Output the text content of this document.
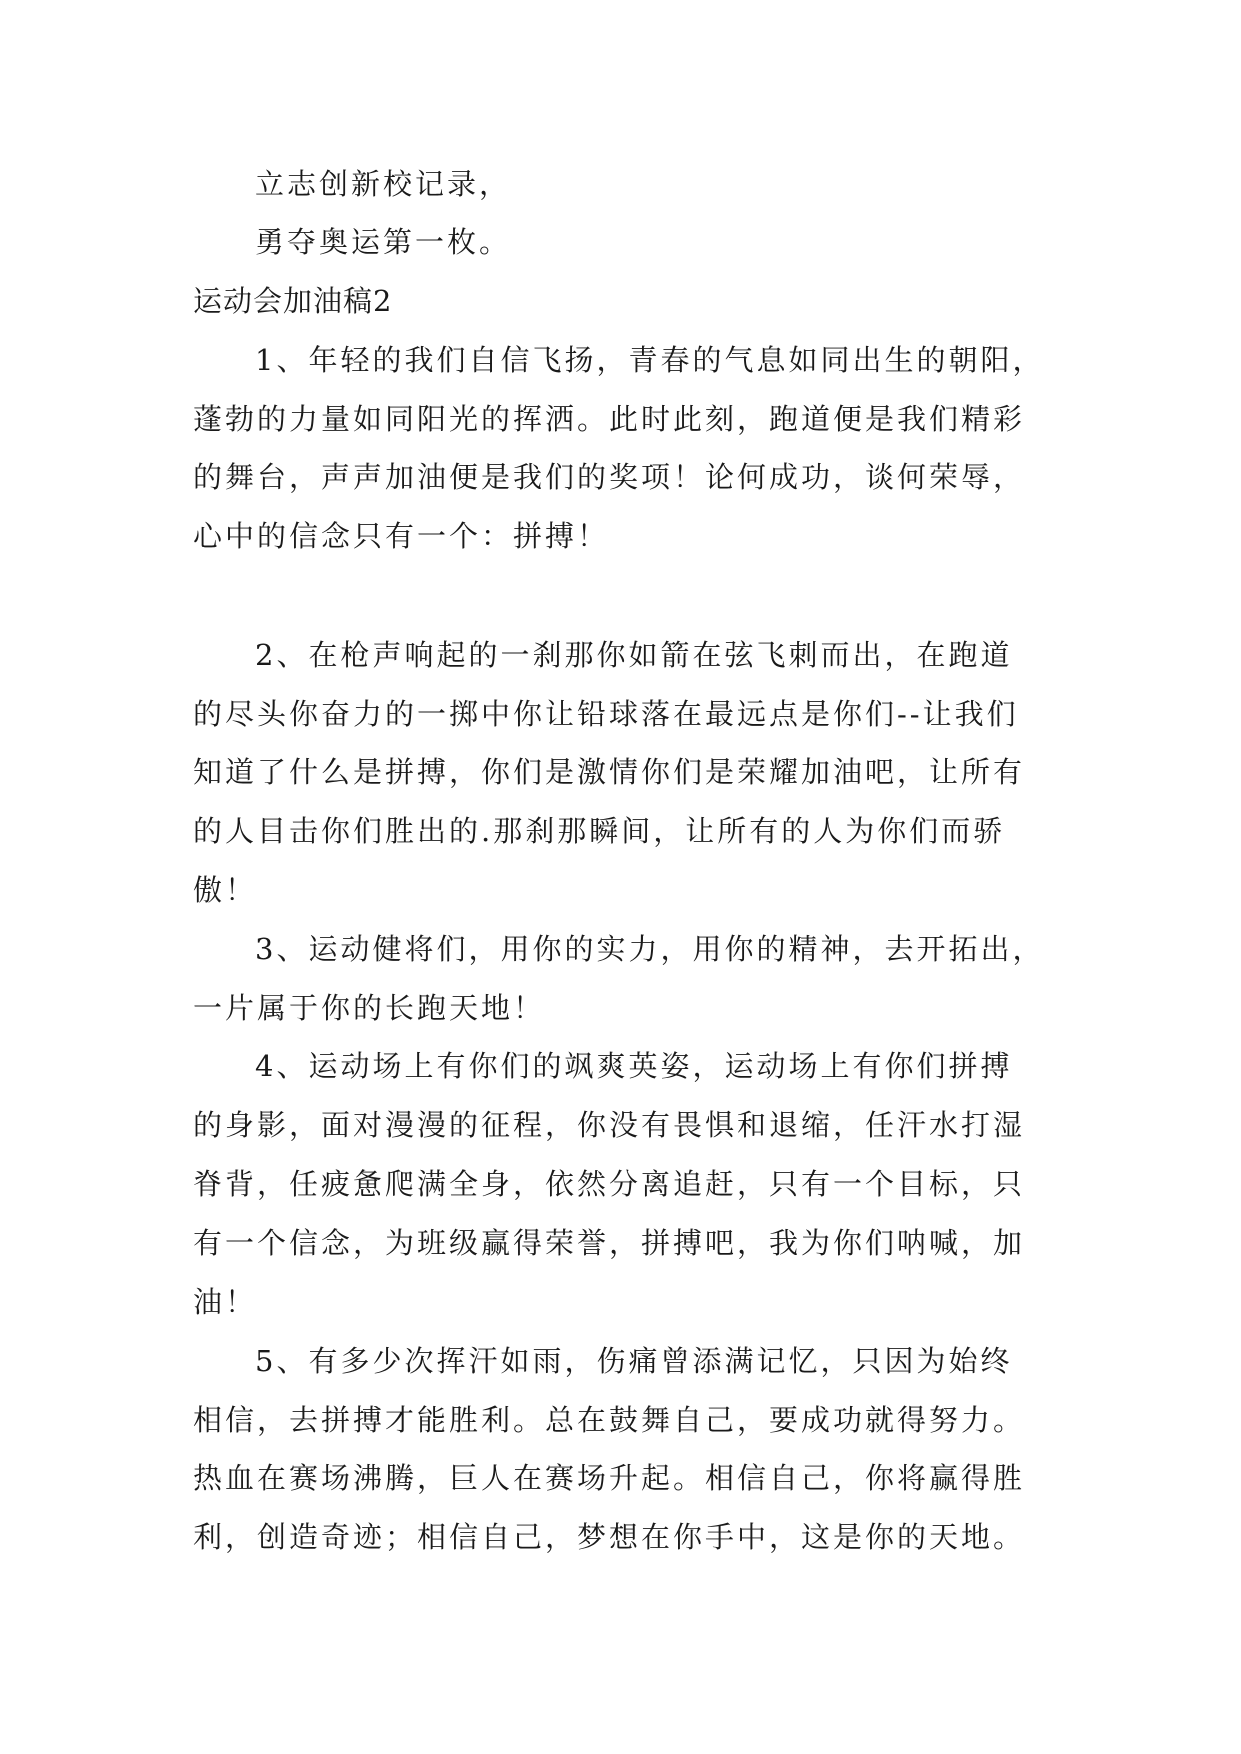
立志创新校记录，
勇夺奥运第一枚。
运动会加油稿2
1、年轻的我们自信飞扬，青春的气息如同出生的朝阳，
蓬勃的力量如同阳光的挥洒。此时此刻，跑道便是我们精彩
的舞台，声声加油便是我们的奖项！论何成功，谈何荣辱，
心中的信念只有一个：拼搏！
2、在枪声响起的一刹那你如箭在弦飞刺而出，在跑道
的尽头你奋力的一掷中你让铅球落在最远点是你们--让我们
知道了什么是拼搏，你们是激情你们是荣耀加油吧，让所有
的人目击你们胜出的.那刹那瞬间，让所有的人为你们而骄
傲！
3、运动健将们，用你的实力，用你的精神，去开拓出，
一片属于你的长跑天地！
4、运动场上有你们的飒爽英姿，运动场上有你们拼搏
的身影，面对漫漫的征程，你没有畏惧和退缩，任汗水打湿
脊背，任疲惫爬满全身，依然分离追赶，只有一个目标，只
有一个信念，为班级赢得荣誉，拼搏吧，我为你们呐喊，加
油！
5、有多少次挥汗如雨，伤痛曾添满记忆，只因为始终
相信，去拼搏才能胜利。总在鼓舞自己，要成功就得努力。
热血在赛场沸腾，巨人在赛场升起。相信自己，你将赢得胜
利，创造奇迹；相信自己，梦想在你手中，这是你的天地。
